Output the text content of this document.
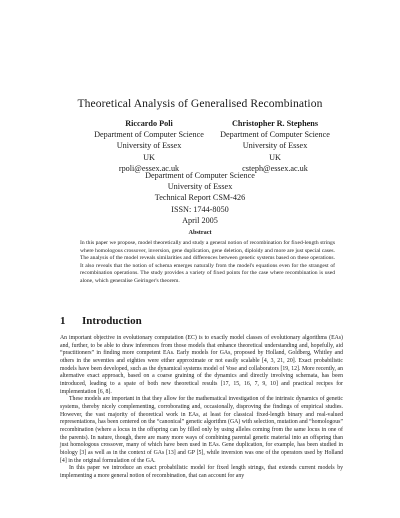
Theoretical Analysis of Generalised Recombination
Riccardo Poli
Department of Computer Science
University of Essex
UK
rpoli@essex.ac.uk
Christopher R. Stephens
Department of Computer Science
University of Essex
UK
csteph@essex.ac.uk
Department of Computer Science
University of Essex
Technical Report CSM-426
ISSN: 1744-8050
April 2005
Abstract
In this paper we propose, model theoretically and study a general notion of recombination for fixed-length strings where homologous crossover, inversion, gene duplication, gene deletion, diploidy and more are just special cases. The analysis of the model reveals similarities and differences between genetic systems based on these operations. It also reveals that the notion of schema emerges naturally from the model's equations even for the strangest of recombination operations. The study provides a variety of fixed points for the case where recombination is used alone, which generalise Geiringer's theorem.
1 Introduction

An important objective in evolutionary computation (EC) is to exactly model classes of evolutionary algorithms (EAs) and, further, to be able to draw inferences from those models that enhance theoretical understanding and, hopefully, aid “practitioners” in finding more competent EAs. Early models for GAs, proposed by Holland, Goldberg, Whitley and others in the seventies and eighties were either approximate or not easily scalable [4, 3, 21, 20]. Exact probabilistic models have been developed, such as the dynamical systems model of Vose and collaborators [19, 12]. More recently, an alternative exact approach, based on a coarse graining of the dynamics and directly involving schemata, has been introduced, leading to a spate of both new theoretical results [17, 15, 16, 7, 9, 10] and practical recipes for implementation [6, 8].

These models are important in that they allow for the mathematical investigation of the intrinsic dynamics of genetic systems, thereby nicely complementing, corroborating and, occasionally, disproving the findings of empirical studies. However, the vast majority of theoretical work in EAs, at least for classical fixed-length binary and real-valued representations, has been centered on the “canonical” genetic algorithm (GA) with selection, mutation and “homologous” recombination (where a locus in the offspring can by filled only by using alleles coming from the same locus in one of the parents). In nature, though, there are many more ways of combining parental genetic material into an offspring than just homologous crossover, many of which have been used in EAs. Gene duplication, for example, has been studied in biology [3] as well as in the context of GAs [13] and GP [5], while inversion was one of the operators used by Holland [4] in the original formulation of the GA.

In this paper we introduce an exact probabilistic model for fixed length strings, that extends current models by implementing a more general notion of recombination, that can account for any
